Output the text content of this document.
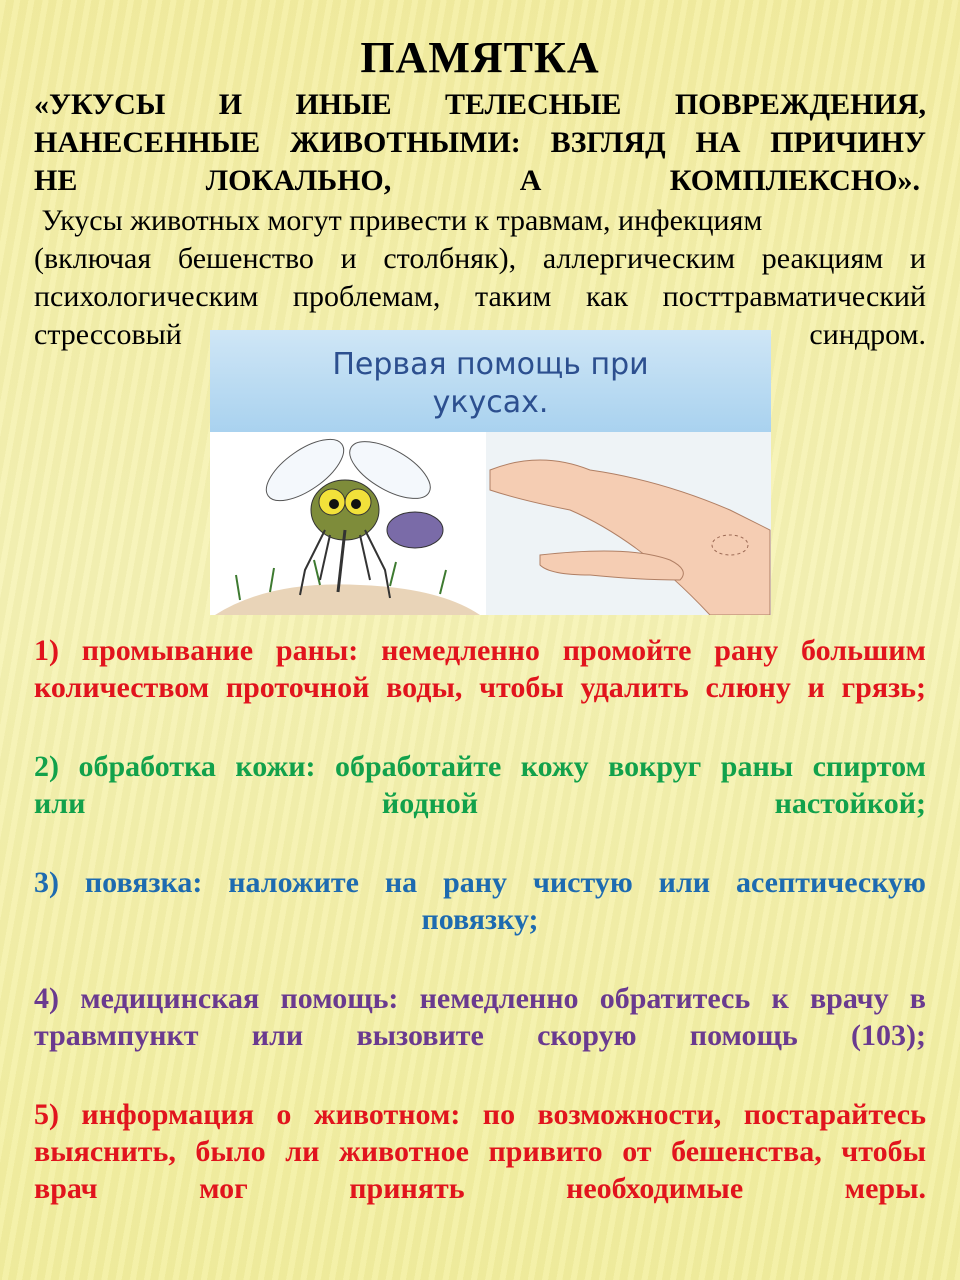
ПАМЯТКА
«УКУСЫ И ИНЫЕ ТЕЛЕСНЫЕ ПОВРЕЖДЕНИЯ,
НАНЕСЕННЫЕ ЖИВОТНЫМИ: ВЗГЛЯД НА ПРИЧИНУ
НЕ ЛОКАЛЬНО, А КОМПЛЕКСНО».
Укусы животных могут привести к травмам, инфекциям
(включая бешенство и столбняк), аллергическим реакциям и
психологическим проблемам, таким как посттравматический
стрессовый	синдром.
Первая помощь при
укусах.
1) промывание раны: немедленно промойте рану большим
количеством проточной воды, чтобы удалить слюну и грязь;
2) обработка кожи: обработайте кожу вокруг раны спиртом
или йодной настойкой;
3) повязка: наложите на рану чистую или асептическую
повязку;
4) медицинская помощь: немедленно обратитесь к врачу в
травмпункт или вызовите скорую помощь (103);
5) информация о животном: по возможности, постарайтесь
выяснить, было ли животное привито от бешенства, чтобы
врач мог принять необходимые меры.
